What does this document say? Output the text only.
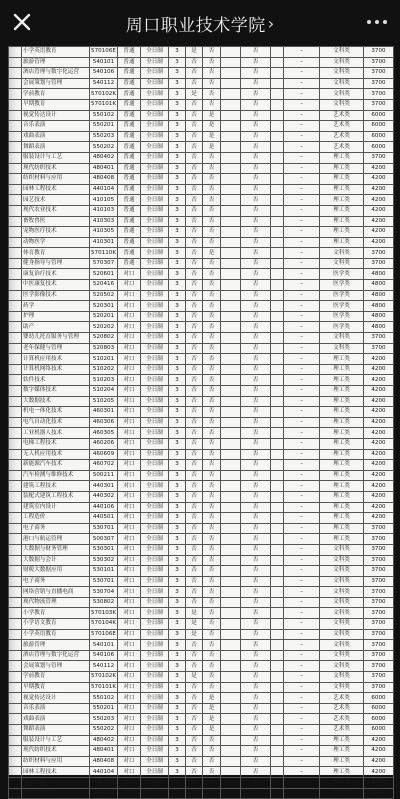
周口职业技术学院 ›
	小学英语教育	570106E	普通	全日制	3	是	否		否		–	文科类	3700
	旅游管理	540101	普通	全日制	3	否	否		否		–	文科类	3700
	酒店管理与数字化运营	540106	普通	全日制	3	否	否		否		–	文科类	3700
	会展策划与管理	540112	普通	全日制	3	否	否		否		–	文科类	3700
	学前教育	570102K	普通	全日制	3	是	否		否		–	文科类	3700
	早期教育	570101K	普通	全日制	3	否	否		否		–	文科类	3700
	视觉传达设计	550102	普通	全日制	3	否	是		否		–	艺术类	6000
	音乐表演	550201	普通	全日制	3	否	是		否		–	艺术类	6000
	戏曲表演	550203	普通	全日制	3	否	是		否		–	艺术类	6000
	舞蹈表演	550202	普通	全日制	3	否	是		否		–	艺术类	6000
	服装设计与工艺	480402	普通	全日制	3	否	否		否		–	理工类	3700
	现代纺织技术	480401	普通	全日制	3	否	否		否		–	理工类	4200
	纺织材料与应用	480408	普通	全日制	3	否	否		否		–	理工类	4200
	园林工程技术	440104	普通	全日制	3	否	否		否		–	理工类	4200
	园艺技术	410105	普通	全日制	3	否	否		否		–	理工类	4200
	现代农业技术	410103	普通	全日制	3	否	否		否		–	理工类	4200
	畜牧兽医	410303	普通	全日制	3	否	否		否		–	理工类	4200
	宠物医疗技术	410305	普通	全日制	3	否	否		否		–	理工类	4200
	动物医学	410301	普通	全日制	3	否	否		否		–	理工类	4200
	体育教育	570110K	普通	全日制	3	否	是		否		–	文科类	3700
	健身指导与管理	570307	普通	全日制	3	否	否		否		–	文科类	3700
	康复治疗技术	520601	对口	全日制	3	否	否		否		–	医学类	4800
	中医康复技术	520416	对口	全日制	3	否	否		否		–	医学类	4800
	医学影像技术	520502	对口	全日制	3	否	否		否		–	医学类	4800
	药学	520301	对口	全日制	3	否	否		否		–	医学类	4800
	护理	520201	对口	全日制	3	否	否		否		–	医学类	4800
	助产	520202	对口	全日制	3	否	否		否		–	医学类	4800
	婴幼儿托育服务与管理	520802	对口	全日制	3	否	否		否		–	文科类	3700
	老年保健与管理	520803	对口	全日制	3	否	否		否		–	文科类	3700
	计算机应用技术	510201	对口	全日制	3	否	否		否		–	理工类	4200
	计算机网络技术	510202	对口	全日制	3	否	否		否		–	理工类	4200
	软件技术	510203	对口	全日制	3	否	否		否		–	理工类	4200
	数字媒体技术	510204	对口	全日制	3	否	否		否		–	理工类	4200
	大数据技术	510205	对口	全日制	3	否	否		否		–	理工类	4200
	机电一体化技术	460301	对口	全日制	3	否	否		否		–	理工类	4200
	电气自动化技术	460306	对口	全日制	3	否	否		否		–	理工类	4200
	工业机器人技术	460305	对口	全日制	3	否	否		否		–	理工类	4200
	电梯工程技术	460206	对口	全日制	3	否	否		否		–	理工类	4200
	无人机应用技术	460609	对口	全日制	3	否	否		否		–	理工类	4200
	新能源汽车技术	460702	对口	全日制	3	否	否		否		–	理工类	4200
	汽车检测与维修技术	500211	对口	全日制	3	否	否		否		–	理工类	4200
	建筑工程技术	440301	对口	全日制	3	否	否		否		–	理工类	4200
	装配式建筑工程技术	440302	对口	全日制	3	否	否		否		–	理工类	4200
	建筑室内设计	440106	对口	全日制	3	否	否		否		–	理工类	4200
	工程造价	440501	对口	全日制	3	否	否		否		–	理工类	4200
	电子商务	530701	对口	全日制	3	否	否		否		–	理工类	3700
	港口与航运管理	500307	对口	全日制	3	否	否		否		–	理工类	3700
	大数据与财务管理	530301	对口	全日制	3	否	否		否		–	文科类	3700
	大数据与会计	530302	对口	全日制	3	否	否		否		–	文科类	3700
	财税大数据应用	530101	对口	全日制	3	否	否		否		–	文科类	3700
	电子商务	530701	对口	全日制	3	否	否		否		–	文科类	3700
	网络营销与直播电商	530704	对口	全日制	3	否	否		否		–	文科类	3700
	现代物流管理	530802	对口	全日制	3	否	否		否		–	文科类	3700
	小学教育	570103K	对口	全日制	3	是	否		否		–	文科类	3700
	小学语文教育	570104K	对口	全日制	3	是	否		否		–	文科类	3700
	小学英语教育	570106E	对口	全日制	3	是	否		否		–	文科类	3700
	旅游管理	540101	对口	全日制	3	否	否		否		–	文科类	3700
	酒店管理与数字化运营	540106	对口	全日制	3	否	否		否		–	文科类	3700
	会展策划与管理	540112	对口	全日制	3	否	否		否		–	文科类	3700
	学前教育	570102K	对口	全日制	3	是	否		否		–	文科类	3700
	早期教育	570101K	对口	全日制	3	否	否		否		–	文科类	3700
	视觉传达设计	550102	对口	全日制	3	否	是		否		–	艺术类	6000
	音乐表演	550201	对口	全日制	3	否	是		否		–	艺术类	6000
	戏曲表演	550203	对口	全日制	3	否	是		否		–	艺术类	6000
	舞蹈表演	550202	对口	全日制	3	否	是		否		–	艺术类	6000
	服装设计与工艺	480402	对口	全日制	3	否	否		否		–	理工类	4200
	现代纺织技术	480401	对口	全日制	3	否	否		否		–	理工类	4200
	纺织材料与应用	480408	对口	全日制	3	否	否		否		–	理工类	4200
	园林工程技术	440104	对口	全日制	3	否	否		否		–	理工类	4200
	园艺技术	410105	对口	全日制	3	否	否		否		–	理工类	4200
	现代农业技术	410103	对口	全日制	3	否	否		否		–	理工类	4200
